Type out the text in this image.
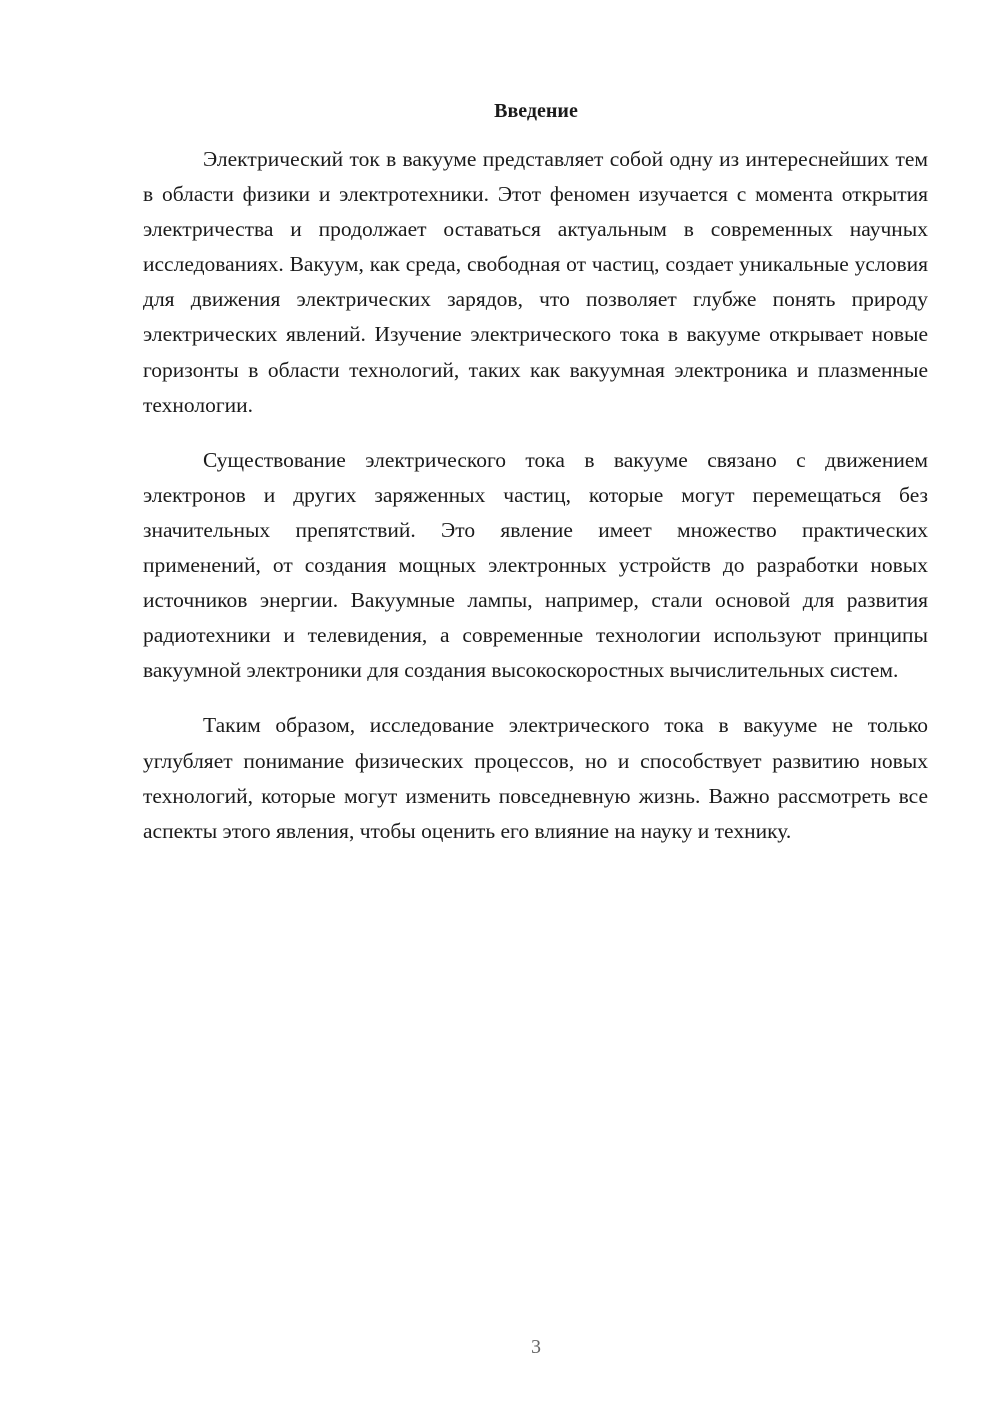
Введение

Электрический ток в вакууме представляет собой одну из интереснейших тем в области физики и электротехники. Этот феномен изучается с момента открытия электричества и продолжает оставаться актуальным в современных научных исследованиях. Вакуум, как среда, свободная от частиц, создает уникальные условия для движения электрических зарядов, что позволяет глубже понять природу электрических явлений. Изучение электрического тока в вакууме открывает новые горизонты в области технологий, таких как вакуумная электроника и плазменные технологии.

Существование электрического тока в вакууме связано с движением электронов и других заряженных частиц, которые могут перемещаться без значительных препятствий. Это явление имеет множество практических применений, от создания мощных электронных устройств до разработки новых источников энергии. Вакуумные лампы, например, стали основой для развития радиотехники и телевидения, а современные технологии используют принципы вакуумной электроники для создания высокоскоростных вычислительных систем.

Таким образом, исследование электрического тока в вакууме не только углубляет понимание физических процессов, но и способствует развитию новых технологий, которые могут изменить повседневную жизнь. Важно рассмотреть все аспекты этого явления, чтобы оценить его влияние на науку и технику.

3
